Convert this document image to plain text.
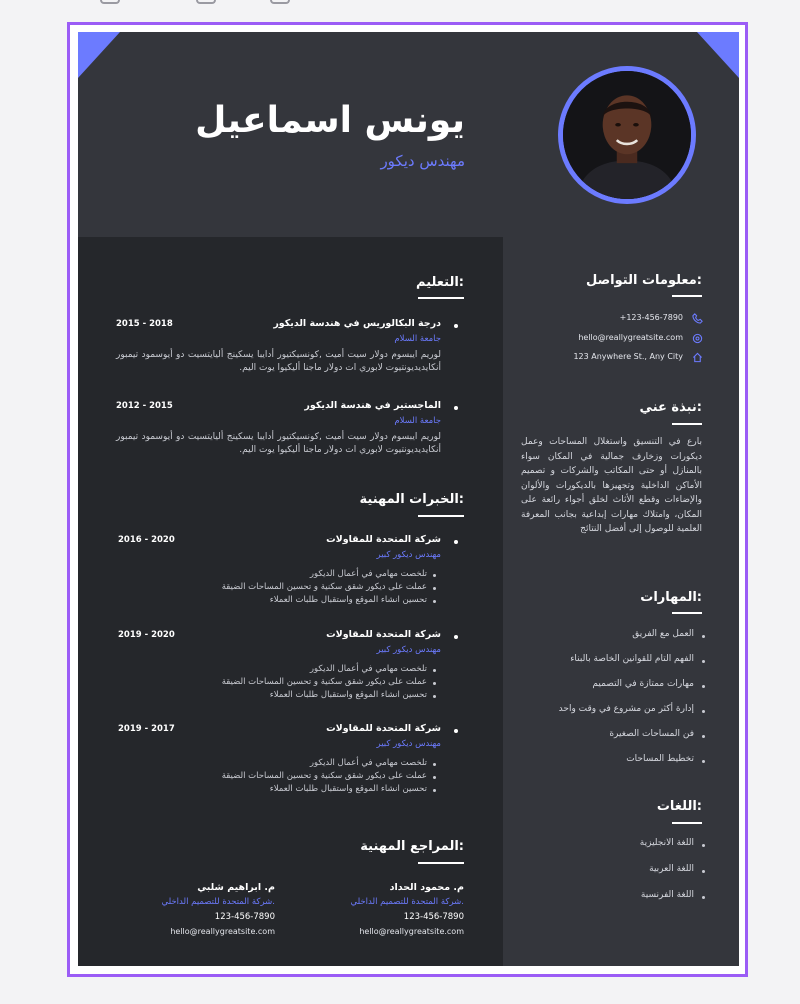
يونس اسماعيل
مهندس ديكور
التعليم:
درجة البكالوريس في هندسة الديكور
2015 - 2018
جامعة السلام
لوريم ايبسوم دولار سيت أميت ,كونسيكتيور أدايبا يسكينج أليايتسيت دو أيوسمود تيمبور أنكايديديونتيوت لابوري ات دولار ماجنا أليكيوا يوت اليم.
الماجستير في هندسة الديكور
2012 - 2015
جامعة السلام
لوريم ايبسوم دولار سيت أميت ,كونسيكتيور أدايبا يسكينج أليايتسيت دو أيوسمود تيمبور أنكايديديونتيوت لابوري ات دولار ماجنا أليكيوا يوت اليم.
الخبرات المهنية:
شركة المتحدة للمقاولات
2016 - 2020
مهندس ديكور كبير
تلخصت مهامي في أعمال الديكور
عملت على ديكور شقق سكنية و تحسين المساحات الضيقة
تحسين انشاء الموقع واستقبال طلبات العملاء
شركة المتحدة للمقاولات
2019 - 2020
مهندس ديكور كبير
تلخصت مهامي في أعمال الديكور
عملت على ديكور شقق سكنية و تحسين المساحات الضيقة
تحسين انشاء الموقع واستقبال طلبات العملاء
شركة المتحدة للمقاولات
2019 - 2017
مهندس ديكور كبير
تلخصت مهامي في أعمال الديكور
عملت على ديكور شقق سكنية و تحسين المساحات الضيقة
تحسين انشاء الموقع واستقبال طلبات العملاء
المراجع المهنية:
م. محمود الحداد
شركة المتحدة للتصميم الداخلي.
123-456-7890
hello@reallygreatsite.com
م. ابراهيم شلبي
شركة المتحدة للتصميم الداخلي.
123-456-7890
hello@reallygreatsite.com
معلومات التواصل:
+123-456-7890
hello@reallygreatsite.com
123 Anywhere St., Any City
نبذة عني:
بارع في التنسيق واستغلال المساحات وعمل ديكورات وزخارف جمالية في المكان سواء بالمنازل أو حتى المكاتب والشركات و تصميم الأماكن الداخلية وتجهيزها بالديكورات والألوان والإضاءات وقطع الأثاث لخلق أجواء رائعة على المكان، وامتلاك مهارات إبداعية بجانب المعرفة العلمية للوصول إلى أفضل النتائج
المهارات:
العمل مع الفريق
الفهم التام للقوانين الخاصة بالبناء
مهارات ممتازة في التصميم
إدارة أكثر من مشروع في وقت واحد
فن المساحات الصغيرة
تخطيط المساحات
اللغات:
اللغة الانجليزية
اللغة العربية
اللغة الفرنسية
